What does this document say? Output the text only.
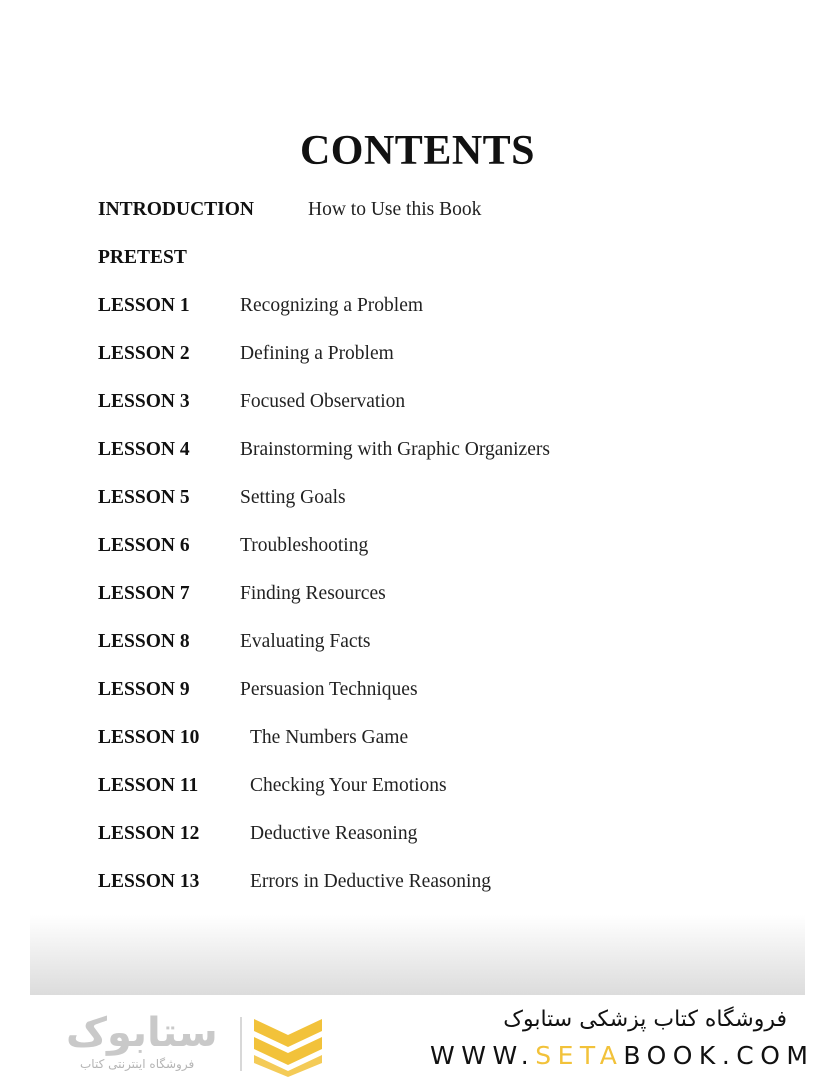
CONTENTS
INTRODUCTION	How to Use this Book
PRETEST
LESSON 1	Recognizing a Problem
LESSON 2	Defining a Problem
LESSON 3	Focused Observation
LESSON 4	Brainstorming with Graphic Organizers
LESSON 5	Setting Goals
LESSON 6	Troubleshooting
LESSON 7	Finding Resources
LESSON 8	Evaluating Facts
LESSON 9	Persuasion Techniques
LESSON 10	The Numbers Game
LESSON 11	Checking Your Emotions
LESSON 12	Deductive Reasoning
LESSON 13	Errors in Deductive Reasoning
ستابوک
فروشگاه اینترنتی کتاب
فروشگاه کتاب پزشکی ستابوک
WWW.SETABOOK.COM
